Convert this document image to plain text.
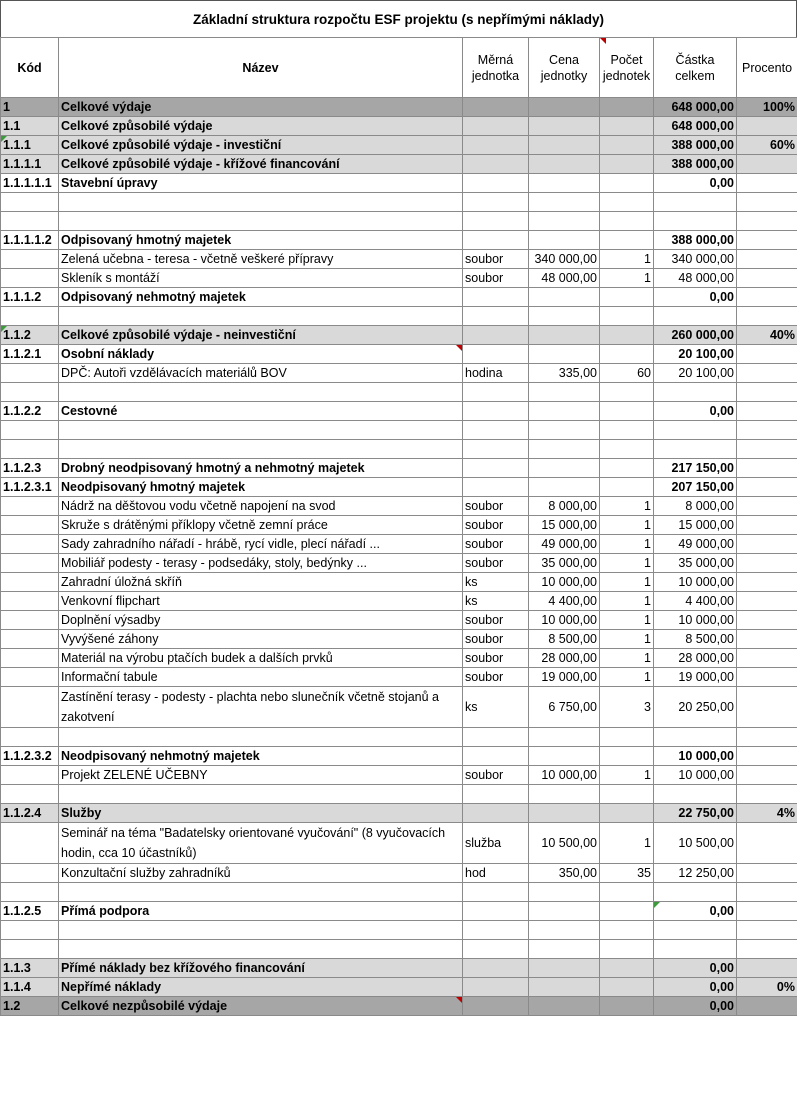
Základní struktura rozpočtu ESF projektu (s nepřímými náklady)
Kód	Název	Měrná jednotka	Cena jednotky	Počet jednotek	Částka celkem	Procento
1	Celkové výdaje				648 000,00	100%
1.1	Celkové způsobilé výdaje				648 000,00	
1.1.1	Celkové způsobilé výdaje - investiční				388 000,00	60%
1.1.1.1	Celkové způsobilé výdaje - křížové financování				388 000,00	
1.1.1.1.1	Stavební úpravy				0,00	

1.1.1.1.2	Odpisovaný hmotný majetek				388 000,00	
	Zelená učebna - teresa - včetně veškeré přípravy	soubor	340 000,00	1	340 000,00	
	Skleník s montáží	soubor	48 000,00	1	48 000,00	
1.1.1.2	Odpisovaný nehmotný majetek				0,00	

1.1.2	Celkové způsobilé výdaje - neinvestiční				260 000,00	40%
1.1.2.1	Osobní náklady				20 100,00	
	DPČ: Autoři vzdělávacích materiálů BOV	hodina	335,00	60	20 100,00	

1.1.2.2	Cestovné				0,00	

1.1.2.3	Drobný neodpisovaný hmotný a nehmotný majetek				217 150,00	
1.1.2.3.1	Neodpisovaný hmotný majetek				207 150,00	
	Nádrž na děštovou vodu včetně napojení na svod	soubor	8 000,00	1	8 000,00	
	Skruže s drátěnými příklopy včetně zemní práce	soubor	15 000,00	1	15 000,00	
	Sady zahradního nářadí - hrábě, rycí vidle, plecí nářadí ...	soubor	49 000,00	1	49 000,00	
	Mobiliář podesty - terasy - podsedáky, stoly, bedýnky ...	soubor	35 000,00	1	35 000,00	
	Zahradní úložná skříň	ks	10 000,00	1	10 000,00	
	Venkovní flipchart	ks	4 400,00	1	4 400,00	
	Doplnění výsadby	soubor	10 000,00	1	10 000,00	
	Vyvýšené záhony	soubor	8 500,00	1	8 500,00	
	Materiál na výrobu ptačích budek a dalších prvků	soubor	28 000,00	1	28 000,00	
	Informační tabule	soubor	19 000,00	1	19 000,00	
	Zastínění terasy - podesty - plachta nebo slunečník včetně stojanů a zakotvení	ks	6 750,00	3	20 250,00	

1.1.2.3.2	Neodpisovaný nehmotný majetek				10 000,00	
	Projekt ZELENÉ UČEBNY	soubor	10 000,00	1	10 000,00	

1.1.2.4	Služby				22 750,00	4%
	Seminář na téma "Badatelsky orientované vyučování" (8 vyučovacích hodin, cca 10 účastníků)	služba	10 500,00	1	10 500,00	
	Konzultační služby zahradníků	hod	350,00	35	12 250,00	

1.1.2.5	Přímá podpora				0,00

1.1.3	Přímé náklady bez křížového financování				0,00	
1.1.4	Nepřímé náklady				0,00	0%
1.2	Celkové nezpůsobilé výdaje				0,00	
